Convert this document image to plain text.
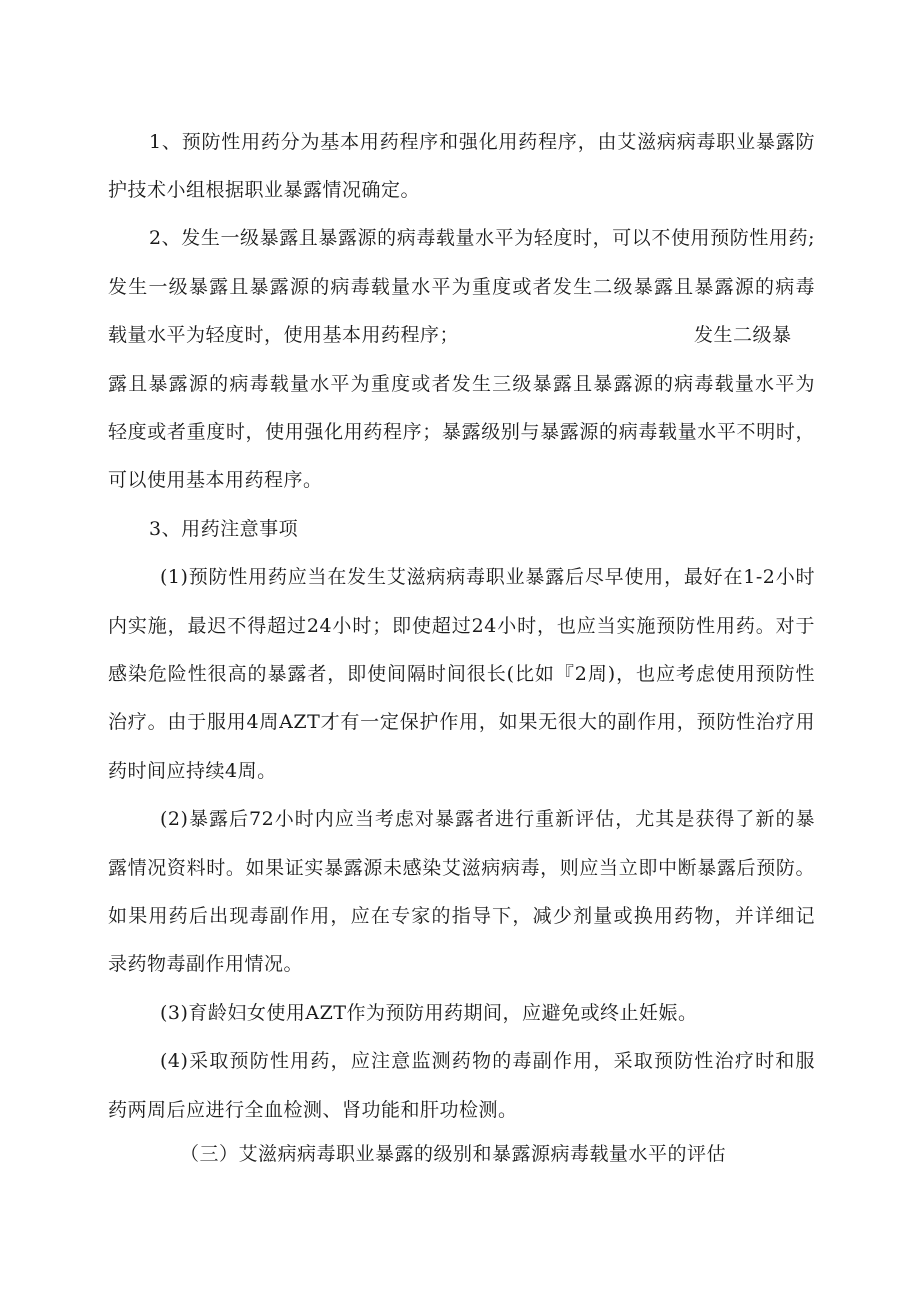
1、预防性用药分为基本用药程序和强化用药程序，由艾滋病病毒职业暴露防
护技术小组根据职业暴露情况确定。
2、发生一级暴露且暴露源的病毒载量水平为轻度时，可以不使用预防性用药;
发生一级暴露且暴露源的病毒载量水平为重度或者发生二级暴露且暴露源的病毒
载量水平为轻度时，使用基本用药程序；	发生二级暴
露且暴露源的病毒载量水平为重度或者发生三级暴露且暴露源的病毒载量水平为
轻度或者重度时，使用强化用药程序；暴露级别与暴露源的病毒载量水平不明时，
可以使用基本用药程序。
3、用药注意事项
(1)预防性用药应当在发生艾滋病病毒职业暴露后尽早使用，最好在1-2小时
内实施，最迟不得超过24小时；即使超过24小时，也应当实施预防性用药。对于
感染危险性很高的暴露者，即使间隔时间很长(比如『2周)，也应考虑使用预防性
治疗。由于服用4周AZT才有一定保护作用，如果无很大的副作用，预防性治疗用
药时间应持续4周。
(2)暴露后72小时内应当考虑对暴露者进行重新评估，尤其是获得了新的暴
露情况资料时。如果证实暴露源未感染艾滋病病毒，则应当立即中断暴露后预防。
如果用药后出现毒副作用，应在专家的指导下，减少剂量或换用药物，并详细记
录药物毒副作用情况。
(3)育龄妇女使用AZT作为预防用药期间，应避免或终止妊娠。
(4)采取预防性用药，应注意监测药物的毒副作用，采取预防性治疗时和服
药两周后应进行全血检测、肾功能和肝功检测。
（三）艾滋病病毒职业暴露的级别和暴露源病毒载量水平的评估
